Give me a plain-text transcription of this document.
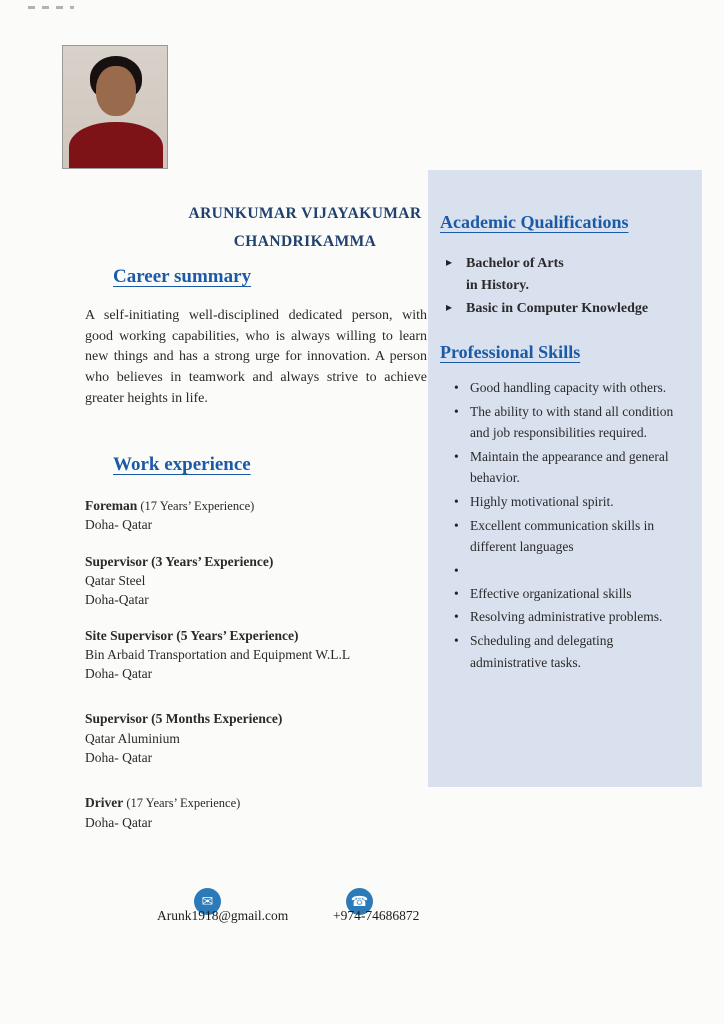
ARUNKUMAR VIJAYAKUMAR
CHANDRIKAMMA
Career summary

A self-initiating well-disciplined dedicated person, with good working capabilities, who is always willing to learn new things and has a strong urge for innovation. A person who believes in teamwork and always strive to achieve greater heights in life.

Work experience
Foreman (17 Years’ Experience)
Doha- Qatar
Supervisor (3 Years’ Experience)
Qatar Steel
Doha-Qatar
Site Supervisor (5 Years’ Experience)
Bin Arbaid Transportation and Equipment W.L.L
Doha- Qatar
Supervisor (5 Months Experience)
Qatar Aluminium
Doha- Qatar
Driver (17 Years’ Experience)
Doha- Qatar
Academic Qualifications
▸ Bachelor of Arts
in History.
▸ Basic in Computer Knowledge
Professional Skills
• Good handling capacity with others.
• The ability to with stand all condition and job responsibilities required.
• Maintain the appearance and general behavior.
• Highly motivational spirit.
• Excellent communication skills in different languages
•
• Effective organizational skills
• Resolving administrative problems.
• Scheduling and delegating administrative tasks.
✉
Arunk1918@gmail.com
☎
+974-74686872
